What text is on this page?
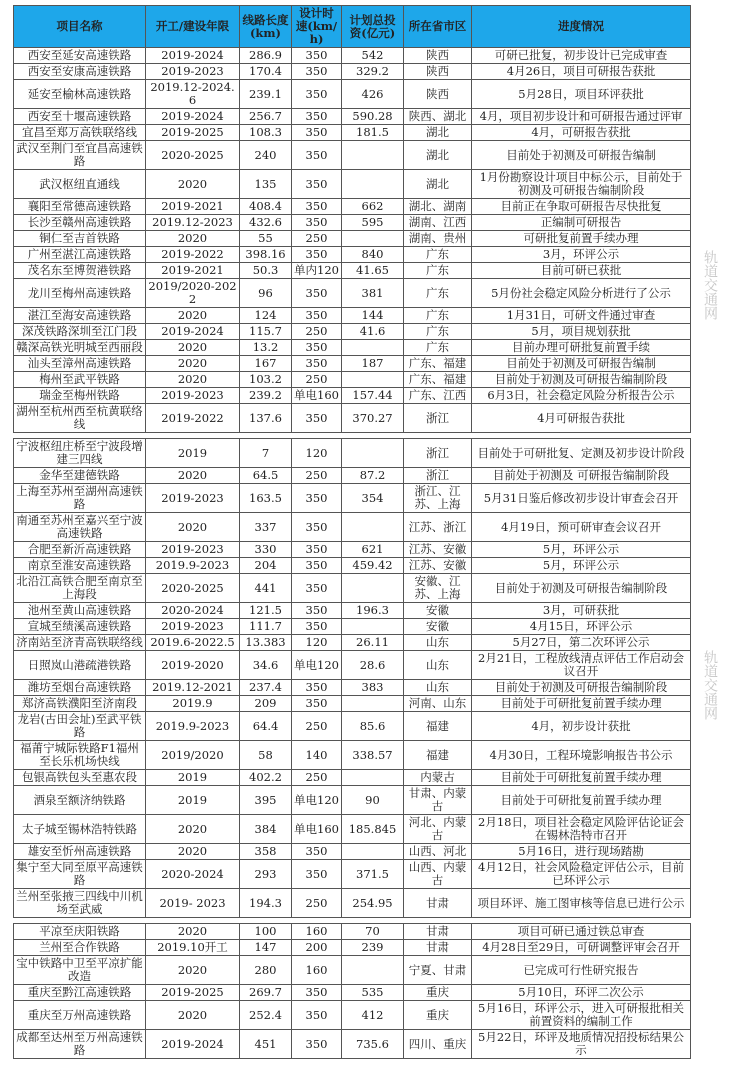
项目名称	开工/建设年限	线路长度(km)	设计时速(km/h)	计划总投资(亿元)	所在省市区	进度情况
西安至延安高速铁路	2019-2024	286.9	350	542	陕西	可研已批复，初步设计已完成审查
西安至安康高速铁路	2019-2023	170.4	350	329.2	陕西	4月26日，项目可研报告获批
延安至榆林高速铁路	2019.12-2024.6	239.1	350	426	陕西	5月28日，项目环评获批
西安至十堰高速铁路	2019-2024	256.7	350	590.28	陕西、湖北	4月，项目初步设计和可研报告通过评审
宜昌至郑万高铁联络线	2019-2025	108.3	350	181.5	湖北	4月，可研报告获批
武汉至荆门至宜昌高速铁路	2020-2025	240	350		湖北	目前处于初测及可研报告编制
武汉枢纽直通线	2020	135	350		湖北	1月份勘察设计项目中标公示，目前处于初测及可研报告编制阶段
襄阳至常德高速铁路	2019-2021	408.4	350	662	湖北、湖南	目前正在争取可研报告尽快批复
长沙至赣州高速铁路	2019.12-2023	432.6	350	595	湖南、江西	正编制可研报告
铜仁至吉首铁路	2020	55	250		湖南、贵州	可研批复前置手续办理
广州至湛江高速铁路	2019-2022	398.16	350	840	广东	3月，环评公示
茂名东至博贺港铁路	2019-2021	50.3	单内120	41.65	广东	目前可研已获批
龙川至梅州高速铁路	2019/2020-2022	96	350	381	广东	5月份社会稳定风险分析进行了公示
湛江至海安高速铁路	2020	124	350	144	广东	1月31日，可研文件通过审查
深茂铁路深圳至江门段	2019-2024	115.7	250	41.6	广东	5月，项目规划获批
赣深高铁光明城至西丽段	2020	13.2	350		广东	目前办理可研批复前置手续
汕头至漳州高速铁路	2020	167	350	187	广东、福建	目前处于初测及可研报告编制
梅州至武平铁路	2020	103.2	250		广东、福建	目前处于初测及可研报告编制阶段
瑞金至梅州铁路	2019-2023	239.2	单电160	157.44	广东、江西	6月3日，社会稳定风险分析报告公示
湖州至杭州西至杭黄联络线	2019-2022	137.6	350	370.27	浙江	4月可研报告获批
宁波枢纽庄桥至宁波段增建三四线	2019	7	120		浙江	目前处于可研批复、定测及初步设计阶段
金华至建德铁路	2020	64.5	250	87.2	浙江	目前处于初测及 可研报告编制阶段
上海至苏州至湖州高速铁路	2019-2023	163.5	350	354	浙江、江苏、上海	5月31日鉴后修改初步设计审查会召开
南通至苏州至嘉兴至宁波高速铁路	2020	337	350		江苏、浙江	4月19日，预可研审查会议召开
合肥至新沂高速铁路	2019-2023	330	350	621	江苏、安徽	5月，环评公示
南京至淮安高速铁路	2019.9-2023	204	350	459.42	江苏、安徽	5月，环评公示
北沿江高铁合肥至南京至上海段	2020-2025	441	350		安徽、江苏、上海	目前处于初测及可研报告编制阶段
池州至黄山高速铁路	2020-2024	121.5	350	196.3	安徽	3月，可研获批
宣城至绩溪高速铁路	2019-2023	111.7	350		安徽	4月15日，环评公示
济南站至济青高铁联络线	2019.6-2022.5	13.383	120	26.11	山东	5月27日，第二次环评公示
日照岚山港疏港铁路	2019-2020	34.6	单电120	28.6	山东	2月21日，工程放线清点评估工作启动会议召开
潍坊至烟台高速铁路	2019.12-2021	237.4	350	383	山东	目前处于初测及可研报告编制阶段
郑济高铁濮阳至济南段	2019.9	209	350		河南、山东	目前处于可研批复前置手续办理
龙岩(古田会址)至武平铁路	2019.9-2023	64.4	250	85.6	福建	4月，初步设计获批
福莆宁城际铁路F1福州至长乐机场快线	2019/2020	58	140	338.57	福建	4月30日，工程环境影响报告书公示
包银高铁包头至惠农段	2019	402.2	250		内蒙古	目前处于可研批复前置手续办理
酒泉至额济纳铁路	2019	395	单电120	90	甘肃、内蒙古	目前处于可研批复前置手续办理
太子城至锡林浩特铁路	2020	384	单电160	185.845	河北、内蒙古	2月18日，项目社会稳定风险评估论证会在锡林浩特市召开
雄安至忻州高速铁路	2020	358	350		山西、河北	5月16日，进行现场踏勘
集宁至大同至原平高速铁路	2020-2024	293	350	371.5	山西、内蒙古	4月12日，社会风险稳定评估公示，目前已环评公示
兰州至张掖三四线中川机场至武威	2019- 2023	194.3	250	254.95	甘肃	项目环评、施工图审核等信息已进行公示
平凉至庆阳铁路	2020	100	160	70	甘肃	项目可研已通过铁总审查
兰州至合作铁路	2019.10开工	147	200	239	甘肃	4月28日至29日，可研调整评审会召开
宝中铁路中卫至平凉扩能改造	2020	280	160		宁夏、甘肃	已完成可行性研究报告
重庆至黔江高速铁路	2019-2025	269.7	350	535	重庆	5月10日，环评二次公示
重庆至万州高速铁路	2020	252.4	350	412	重庆	5月16日，环评公示，进入可研报批相关前置资料的编制工作
成都至达州至万州高速铁路	2019-2024	451	350	735.6	四川、重庆	5月22日，环评及地质情况招投标结果公示
轨道交通网
轨道交通网
